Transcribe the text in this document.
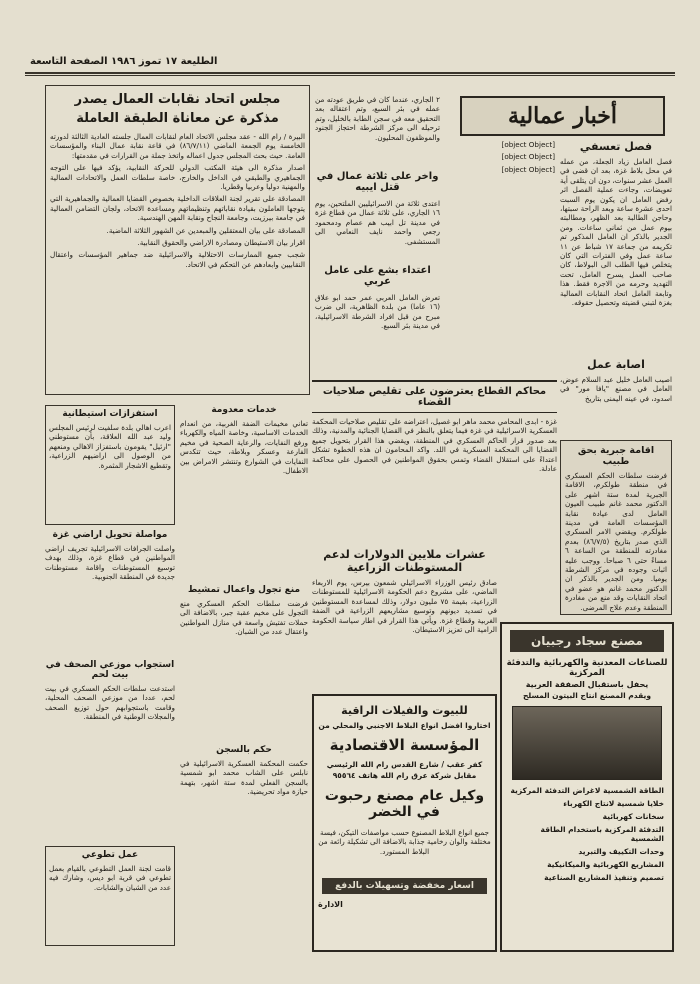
الطليعة ١٧ تموز ١٩٨٦ الصفحة التاسعة
أخبار عمالية
فصل تعسفي
فصل العامل زياد الجعلة، من عمله في محل بلاط غزة، بعد ان قضى في العمل عشر سنوات، دون ان يتلقى أية تعويضات، وجاءت عملية الفصل اثر رفض العامل ان يكون يوم السبت احدى عشرة ساعة وبعد الراحة سبتها، وحاجن الطالبة بعد الظهر، ومطالبته بيوم عمل من ثماني ساعات. ومن الجدير بالذكر ان العامل المذكور تم تكريمه من جماعة ١٧ شباط عن ١١ ساعة عمل وفي الفترات التي كان يتخلص فيها الطلب الى البولاط، كان صاحب العمل يسرح العامل، تحت التهديد وحرمه من الاجرة فقط. هذا وتابعة العامل اتحاد النقابات العمالية بغزة لتبني قضيته وتحصيل حقوقه.
اصابة عمل
اصيب العامل خليل عبد السلام عوض، العامل في مصنع "يافا مور" في اسدود، في عينه اليمنى بتاريخ
اقامة جبرية بحق طبيب
فرضت سلطات الحكم العسكري في منطقة طولكرم، الاقامة الجبرية لمدة ستة اشهر على الدكتور محمد غانم طبيب العيون العامل لدى عيادة نقابة المؤسسات العامة في مدينة طولكرم. ويقضي الامر العسكري الذي صدر بتاريخ (٨٦/٧/٥) بعدم مغادرته للمنطقة من الساعة ٦ مساءً حتى ٦ صباحا. ووجب عليه اثبات وجوده في مركز الشرطة يوميا. ومن الجدير بالذكر ان الدكتور محمد غانم هو عضو في اتحاد النقابات وقد منع من مغادرة المنطقة وعدم علاج المرضى.
مصنع سجاد رجبيان
للصناعات المعدنية والكهربائية والتدفئة المركزية
يحفل باستقبال الصفقة العربية
ويقدم المصنع انتاج البيتون المسلح
الطاقة الشمسية لاغراض التدفئة المركزية
خلايا شمسية لانتاج الكهرباء
سخانات كهربائية
التدفئة المركزية باستخدام الطاقة الشمسية
وحدات التكييف والتبريد
المشاريع الكهربائية والميكانيكية
تصميم وتنفيذ المشاريع الصناعية
[object Object]
[object Object]
[object Object]
٢ الجاري، عندما كان في طريق عودته من عمله في بئر السبع، وتم اعتقاله بعد التحقيق معه في سجن الطابة بالخليل، وتم ترحيله الى مركز الشرطة احتجاز الجنود والموظفون المحليون.
وآخر على ثلاثة عمال في قتل ايبيه
اعتدى ثلاثة من الاسرائيليين الملتحين، يوم ١٦ الجاري، على ثلاثة عمال من قطاع غزة في مدينة تل ابيب هم عصام ودمحمود رجعي واحمد نايف النعامي الى المستشفى.
اعتداء بشع على عامل عربي
تعرض العامل العربي عمر حمد ابو علاق (١٦ عاما) من بلدة الظاهرية، الى ضرب مبرح من قبل افراد الشرطة الاسرائيلية، في مدينة بئر السبع.
مجلس اتحاد نقابات العمال يصدر
مذكرة عن معاناة الطبقة العاملة
البيرة / رام الله - عقد مجلس الاتحاد العام لنقابات العمال جلسته العادية الثالثة لدورته الخامسة يوم الجمعة الماضي (٨٦/٧/١١) في قاعة نقابة عمال البناء والمؤسسات العامة. حيث بحث المجلس جدول اعماله واتخذ جملة من القرارات في مقدمتها:
اصدار مذكرة الى هيئة المكتب الدولي للحركة النقابية، يؤكد فيها على التوجه الجماهيري والطبقي في الداخل والخارج، خاصة سلطات العمل والاتحادات العمالية والمهنية دوليا وعربيا وقطريا.
المصادقة على تقرير لجنة العلاقات الداخلية بخصوص القضايا العمالية والجماهيرية التي يتوجها العاملون بقيادة نقاباتهم وتنظيماتهم ومساعدة الاتحاد، ولجان التضامن العمالية في جامعة بيرزيت، وجامعة النجاح ونقابة المهن الهندسية.
المصادقة على بيان المعتقلين والمبعدين عن الشهور الثلاثة الماضية.
اقرار بيان الاستيطان ومصادرة الاراضي والحقوق النقابية.
شجب جميع الممارسات الاحتلالية والاسرائيلية ضد جماهير المؤسسات واعتقال النقابيين وابعادهم عن التحكم في الاتحاد.
محاكم القطاع يعترضون على تقليص صلاحيات القضاء
غزة - ابدى المحامي محمد ماهر ابو غصيل، اعتراضه على تقليص صلاحيات المحكمة العسكرية الاسرائيلية في غزة فيما يتعلق بالنظر في القضايا الجنائية والمدنية، وذلك بعد صدور قرار الحاكم العسكري في المنطقة، ويقضي هذا القرار بتحويل جميع القضايا الى المحكمة العسكرية في اللد. واكد المحامون ان هذه الخطوة تشكل اعتداءً على استقلال القضاء وتمس بحقوق المواطنين في الحصول على محاكمة عادلة.
عشرات ملايين الدولارات لدعم المستوطنات الزراعية
صادق رئيس الوزراء الاسرائيلي شمعون بيرس، يوم الاربعاء الماضي، على مشروع دعم الحكومة الاسرائيلية للمستوطنات الزراعية، بقيمة ٧٥ مليون دولار، وذلك لمساعدة المستوطنين في تسديد ديونهم وتوسيع مشاريعهم الزراعية في الضفة الغربية وقطاع غزة. ويأتي هذا القرار في اطار سياسة الحكومة الرامية الى تعزيز الاستيطان.
للبيوت والفيلات الراقية
اختاروا افضل انواع البلاط الاجنبي والمحلي من
المؤسسة الاقتصادية
كفر عقب / شارع القدس رام الله الرئيسي
مقابل شركة عرق رام الله هاتف ٩٥٥٦٤
وكيل عام مصنع رحبوت في الخضر
جميع انواع البلاط المصنوع حسب مواصفات التيكن، فيسة مختلفة والوان رخامية جذابة بالاضافة الى تشكيلة رائعة من البلاط المستورد.
اسعار مخفضة وتسهيلات بالدفع
الادارة
استفزازات استيطانية
اعرب اهالي بلدة سلفيت لرئيس المجلس وليد عبد الله العلاقة، بأن مستوطني "ارئيل" يقومون باستفزاز الاهالي ومنعهم من الوصول الى اراضيهم الزراعية، وتقطيع الاشجار المثمرة.
مواصلة تحويل اراضي غزة
واصلت الجرافات الاسرائيلية تجريف اراضي المواطنين في قطاع غزة، وذلك بهدف توسيع المستوطنات واقامة مستوطنات جديدة في المنطقة الجنوبية.
استجواب موزعي الصحف في بيت لحم
استدعت سلطات الحكم العسكري في بيت لحم، عددا من موزعي الصحف المحلية، وقامت باستجوابهم حول توزيع الصحف والمجلات الوطنية في المنطقة.
عمل تطوعي
قامت لجنة العمل التطوعي بالقيام بعمل تطوعي في قرية ابو ديس، وشارك فيه عدد من الشبان والشابات.
خدمات معدومة
تعاني مخيمات الضفة الغربية، من انعدام الخدمات الاساسية، وخاصة المياه والكهرباء ورفع النفايات، والرعاية الصحية في مخيم الفارعة وعسكر وبلاطة، حيث تتكدس النفايات في الشوارع وتنتشر الامراض بين الاطفال.
منع تجول واعمال تمشيط
فرضت سلطات الحكم العسكري منع التجول على مخيم عقبة جبر، بالاضافة الى حملات تفتيش واسعة في منازل المواطنين واعتقال عدد من الشبان.
حكم بالسجن
حكمت المحكمة العسكرية الاسرائيلية في نابلس على الشاب محمد ابو شمسية بالسجن الفعلي لمدة ستة اشهر، بتهمة حيازة مواد تحريضية.
